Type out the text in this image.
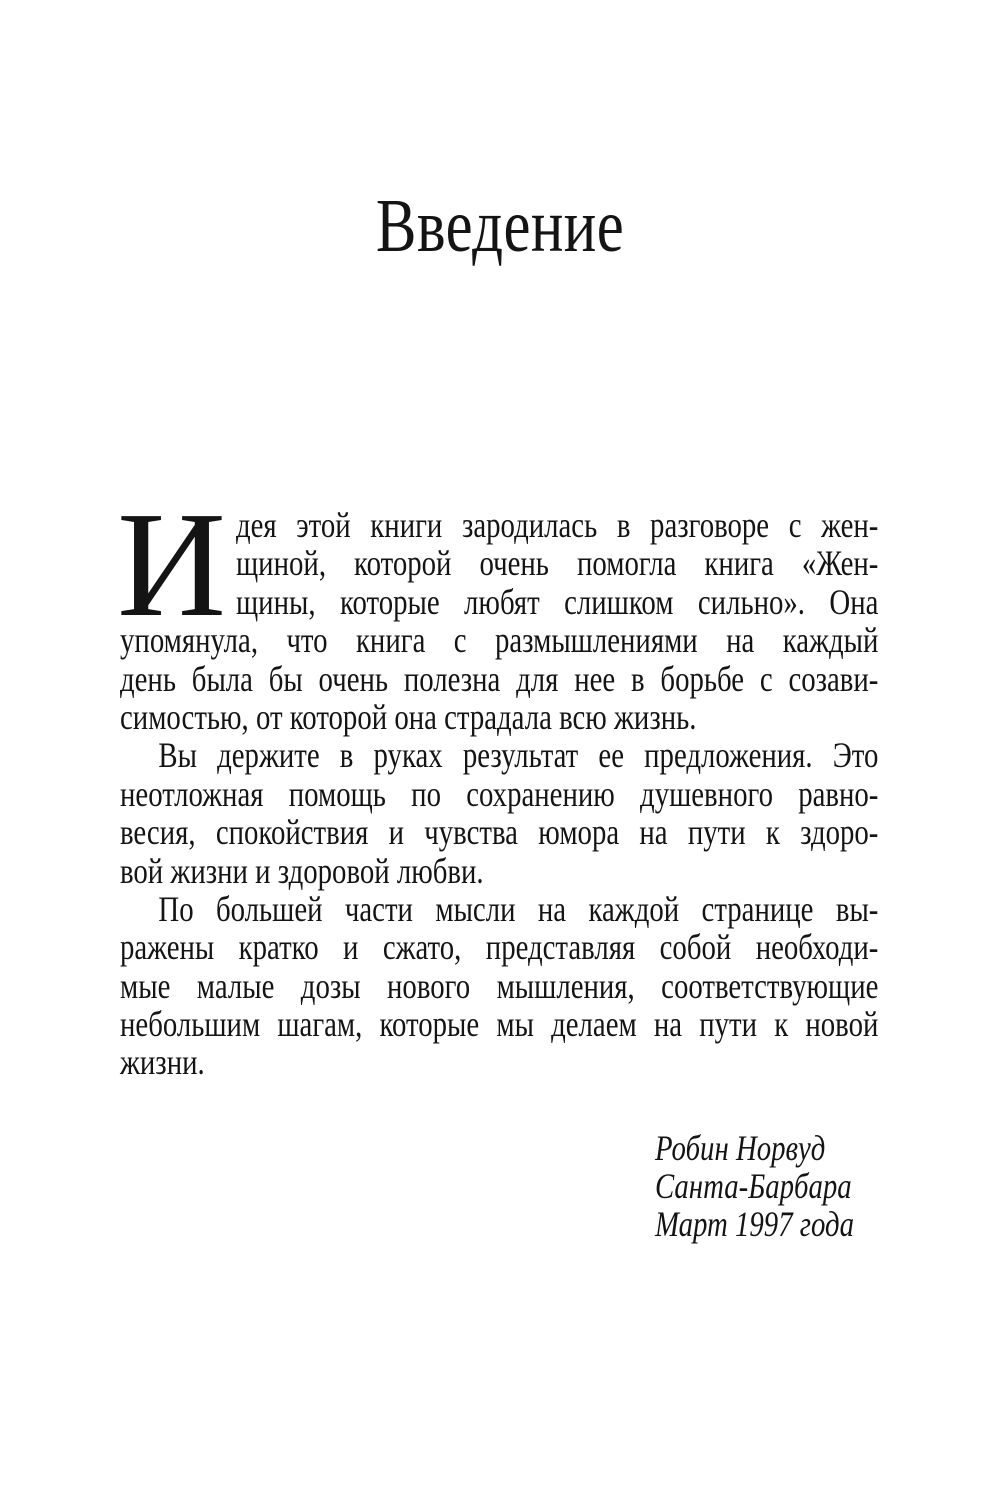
Введение
И дея этой книги зародилась в разговоре с жен-
щиной, которой очень помогла книга «Жен-
щины, которые любят слишком сильно». Она
упомянула, что книга с размышлениями на каждый
день была бы очень полезна для нее в борьбе с созави-
симостью, от которой она страдала всю жизнь.
Вы держите в руках результат ее предложения. Это
неотложная помощь по сохранению душевного равно-
весия, спокойствия и чувства юмора на пути к здоро-
вой жизни и здоровой любви.
По большей части мысли на каждой странице вы-
ражены кратко и сжато, представляя собой необходи-
мые малые дозы нового мышления, соответствующие
небольшим шагам, которые мы делаем на пути к новой
жизни.
Робин Норвуд
Санта-Барбара
Март 1997 года
